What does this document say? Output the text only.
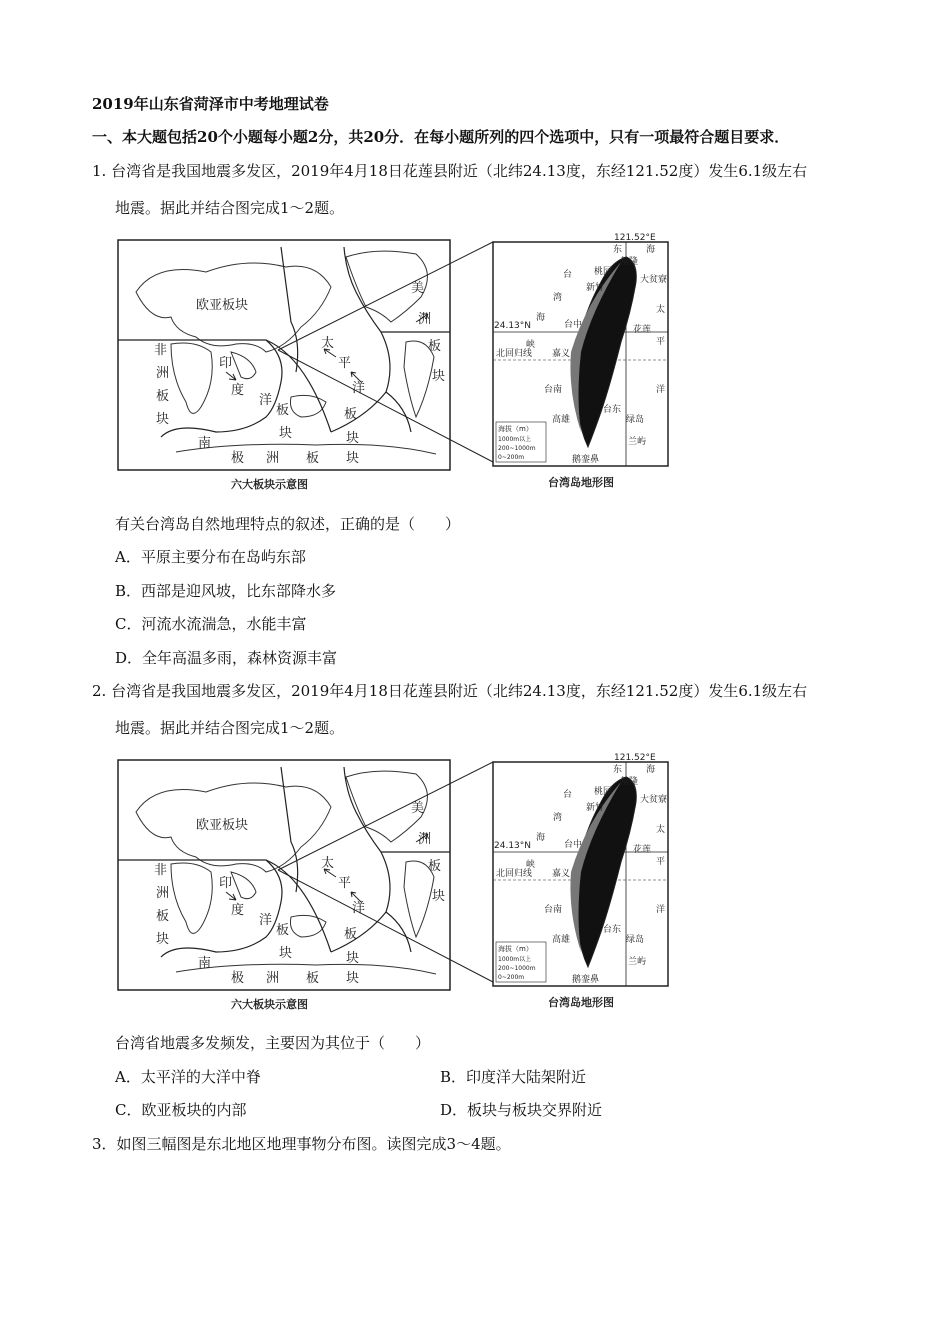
2019年山东省菏泽市中考地理试卷
一、本大题包括20个小题每小题2分，共20分．在每小题所列的四个选项中，只有一项最符合题目要求．
1. 台湾省是我国地震多发区，2019年4月18日花莲县附近（北纬24.13度，东经121.52度）发生6.1级左右
地震。据此并结合图完成1～2题。
欧亚板块
美
洲
板
块
非
洲
板
块
印
度
洋
板
块
太
平
洋
板
块
南
极 洲 板 块
六大板块示意图
121.52°E
24.13°N
北回归线
台
湾
海
峡
东	海
太
平
洋
基隆
桃园
新竹
台中
嘉义
台南
高雄
台东
花莲
大贫寮
绿岛
兰屿
鹅銮鼻
海拔（m）
1000m以上
200~1000m
0~200m
台湾岛地形图
有关台湾岛自然地理特点的叙述，正确的是（　　）
A．平原主要分布在岛屿东部
B．西部是迎风坡，比东部降水多
C．河流水流湍急，水能丰富
D．全年高温多雨，森林资源丰富
2. 台湾省是我国地震多发区，2019年4月18日花莲县附近（北纬24.13度，东经121.52度）发生6.1级左右
地震。据此并结合图完成1～2题。
欧亚板块
美
洲
板
块
非
洲
板
块
印
度
洋
板
块
太
平
洋
板
块
南
极 洲 板 块
六大板块示意图
121.52°E
24.13°N
北回归线
台
湾
海
峡
东	海
太
平
洋
基隆
桃园
新竹
台中
嘉义
台南
高雄
台东
花莲
大贫寮
绿岛
兰屿
鹅銮鼻
海拔（m）
1000m以上
200~1000m
0~200m
台湾岛地形图
台湾省地震多发频发，主要因为其位于（　　）
A．太平洋的大洋中脊	B．印度洋大陆架附近
C．欧亚板块的内部	D．板块与板块交界附近
3．如图三幅图是东北地区地理事物分布图。读图完成3～4题。
